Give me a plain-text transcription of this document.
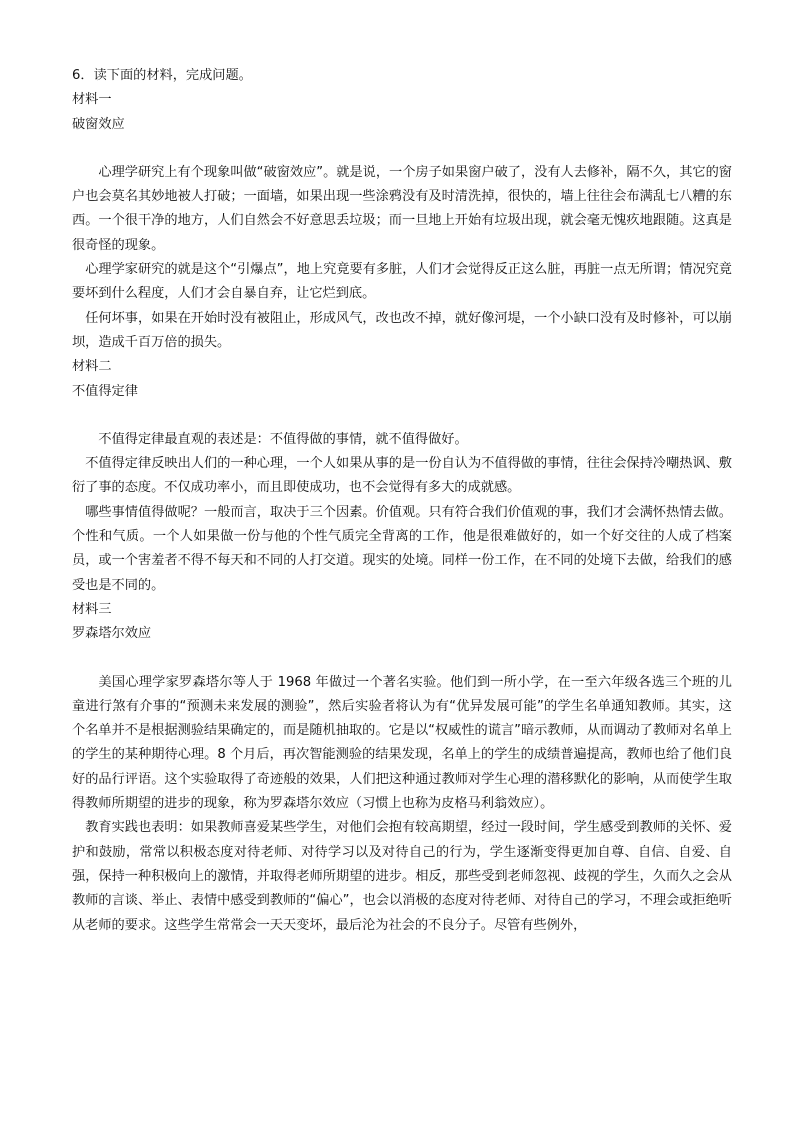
6．读下面的材料，完成问题。

材料一

破窗效应

心理学研究上有个现象叫做“破窗效应”。就是说，一个房子如果窗户破了，没有人去修补，隔不久，其它的窗户也会莫名其妙地被人打破；一面墙，如果出现一些涂鸦没有及时清洗掉，很快的，墙上往往会布满乱七八糟的东西。一个很干净的地方，人们自然会不好意思丢垃圾；而一旦地上开始有垃圾出现，就会毫无愧疚地跟随。这真是很奇怪的现象。

心理学家研究的就是这个“引爆点”，地上究竟要有多脏，人们才会觉得反正这么脏，再脏一点无所谓；情况究竟要坏到什么程度，人们才会自暴自弃，让它烂到底。

任何坏事，如果在开始时没有被阻止，形成风气，改也改不掉，就好像河堤，一个小缺口没有及时修补，可以崩坝，造成千百万倍的损失。

材料二

不值得定律

不值得定律最直观的表述是：不值得做的事情，就不值得做好。

不值得定律反映出人们的一种心理，一个人如果从事的是一份自认为不值得做的事情，往往会保持冷嘲热讽、敷衍了事的态度。不仅成功率小，而且即使成功，也不会觉得有多大的成就感。

哪些事情值得做呢？一般而言，取决于三个因素。价值观。只有符合我们价值观的事，我们才会满怀热情去做。个性和气质。一个人如果做一份与他的个性气质完全背离的工作，他是很难做好的，如一个好交往的人成了档案员，或一个害羞者不得不每天和不同的人打交道。现实的处境。同样一份工作，在不同的处境下去做，给我们的感受也是不同的。

材料三

罗森塔尔效应

美国心理学家罗森塔尔等人于 1968 年做过一个著名实验。他们到一所小学，在一至六年级各选三个班的儿童进行煞有介事的“预测未来发展的测验”，然后实验者将认为有“优异发展可能”的学生名单通知教师。其实，这个名单并不是根据测验结果确定的，而是随机抽取的。它是以“权威性的谎言”暗示教师，从而调动了教师对名单上的学生的某种期待心理。8 个月后，再次智能测验的结果发现，名单上的学生的成绩普遍提高，教师也给了他们良好的品行评语。这个实验取得了奇迹般的效果，人们把这种通过教师对学生心理的潜移默化的影响，从而使学生取得教师所期望的进步的现象，称为罗森塔尔效应（习惯上也称为皮格马利翁效应）。

教育实践也表明：如果教师喜爱某些学生，对他们会抱有较高期望，经过一段时间，学生感受到教师的关怀、爱护和鼓励，常常以积极态度对待老师、对待学习以及对待自己的行为，学生逐渐变得更加自尊、自信、自爱、自强，保持一种积极向上的激情，并取得老师所期望的进步。相反，那些受到老师忽视、歧视的学生，久而久之会从教师的言谈、举止、表情中感受到教师的“偏心”，也会以消极的态度对待老师、对待自己的学习，不理会或拒绝听从老师的要求。这些学生常常会一天天变坏，最后沦为社会的不良分子。尽管有些例外，
